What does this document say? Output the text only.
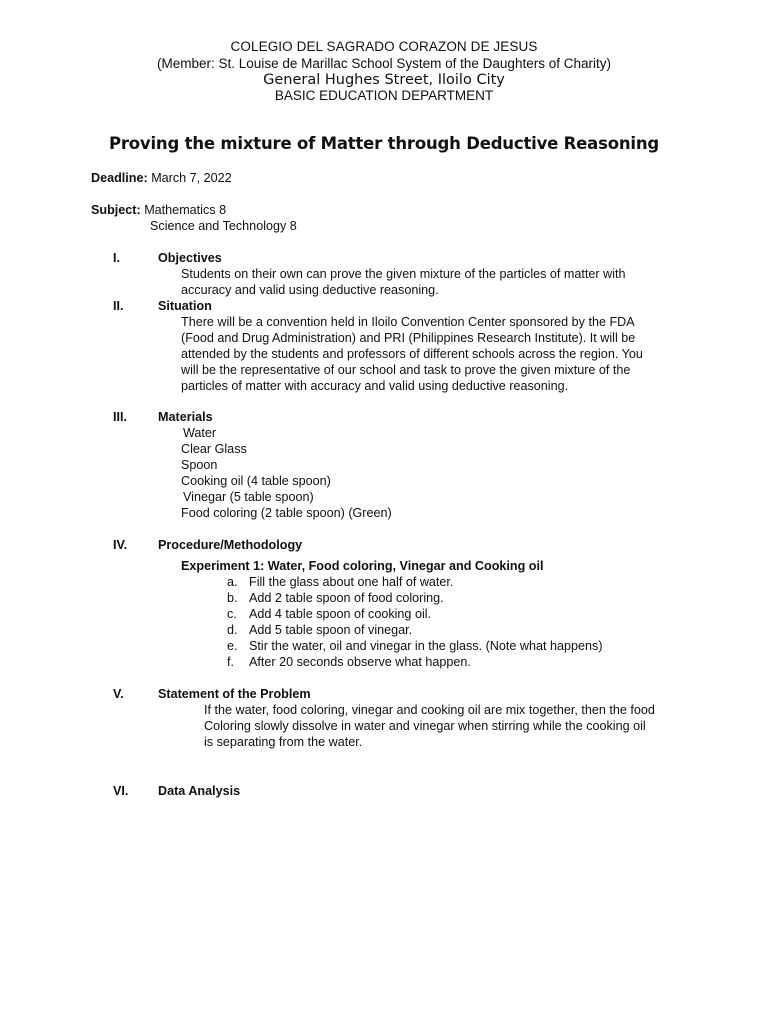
COLEGIO DEL SAGRADO CORAZON DE JESUS
(Member: St. Louise de Marillac School System of the Daughters of Charity)
General Hughes Street, Iloilo City
BASIC EDUCATION DEPARTMENT
Proving the mixture of Matter through Deductive Reasoning
Deadline: March 7, 2022
Subject: Mathematics 8
Science and Technology 8
I.	Objectives
Students on their own can prove the given mixture of the particles of matter with
accuracy and valid using deductive reasoning.
II.	Situation
There will be a convention held in Iloilo Convention Center sponsored by the FDA
(Food and Drug Administration) and PRI (Philippines Research Institute). It will be
attended by the students and professors of different schools across the region. You
will be the representative of our school and task to prove the given mixture of the
particles of matter with accuracy and valid using deductive reasoning.
III. Materials
Water
Clear Glass
Spoon
Cooking oil (4 table spoon)
Vinegar (5 table spoon)
Food coloring (2 table spoon) (Green)
IV. Procedure/Methodology
Experiment 1: Water, Food coloring, Vinegar and Cooking oil
a. Fill the glass about one half of water.
b. Add 2 table spoon of food coloring.
c. Add 4 table spoon of cooking oil.
d. Add 5 table spoon of vinegar.
e. Stir the water, oil and vinegar in the glass. (Note what happens)
f. After 20 seconds observe what happen.
V.	Statement of the Problem
If the water, food coloring, vinegar and cooking oil are mix together, then the food
Coloring slowly dissolve in water and vinegar when stirring while the cooking oil
is separating from the water.
VI. Data Analysis
